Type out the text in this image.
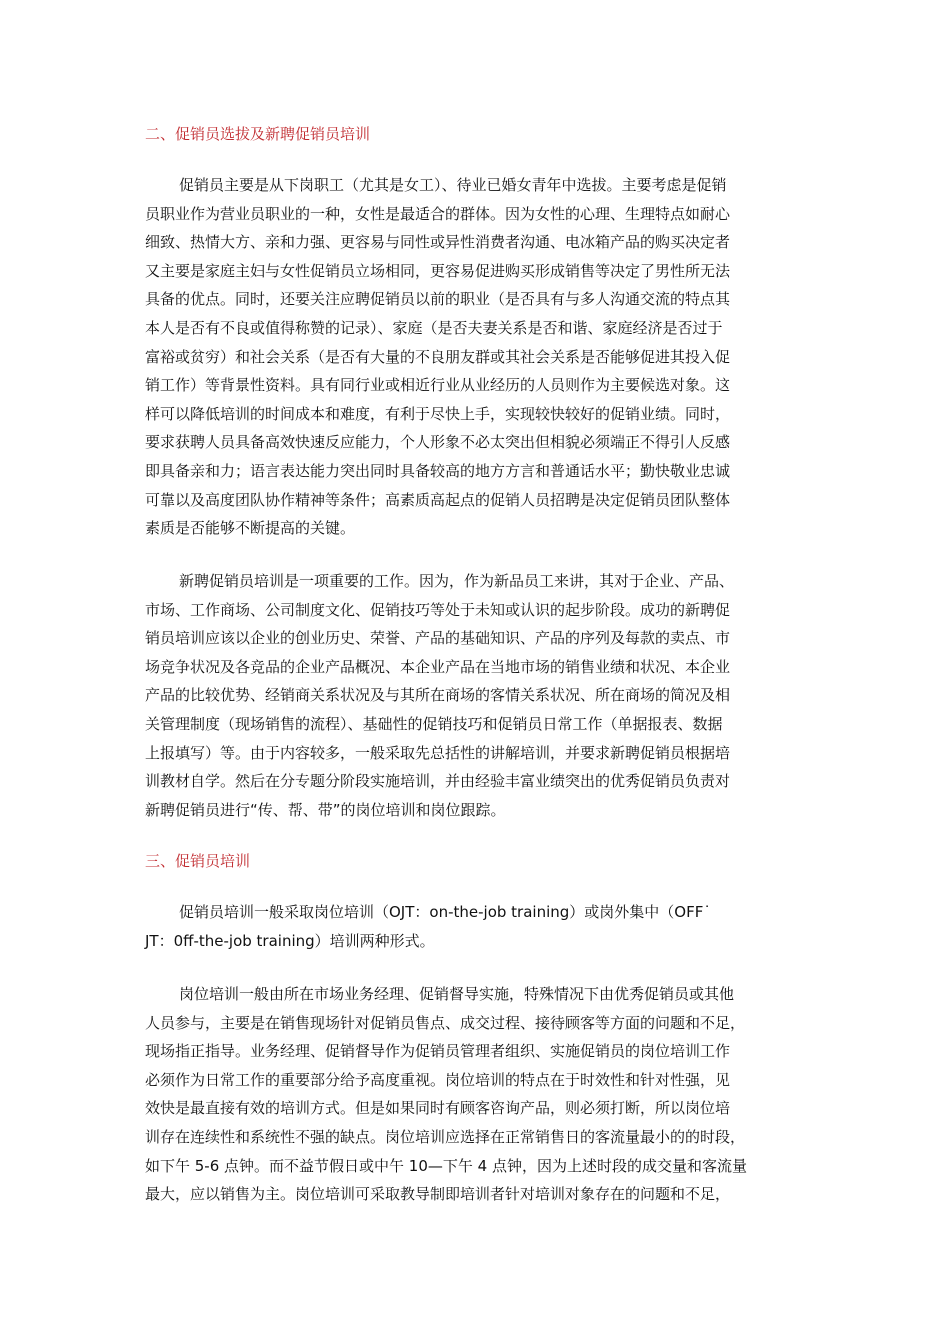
二、促销员选拔及新聘促销员培训
促销员主要是从下岗职工（尤其是女工）、待业已婚女青年中选拔。主要考虑是促销
员职业作为营业员职业的一种，女性是最适合的群体。因为女性的心理、生理特点如耐心
细致、热情大方、亲和力强、更容易与同性或异性消费者沟通、电冰箱产品的购买决定者
又主要是家庭主妇与女性促销员立场相同，更容易促进购买形成销售等决定了男性所无法
具备的优点。同时，还要关注应聘促销员以前的职业（是否具有与多人沟通交流的特点其
本人是否有不良或值得称赞的记录）、家庭（是否夫妻关系是否和谐、家庭经济是否过于
富裕或贫穷）和社会关系（是否有大量的不良朋友群或其社会关系是否能够促进其投入促
销工作）等背景性资料。具有同行业或相近行业从业经历的人员则作为主要候选对象。这
样可以降低培训的时间成本和难度，有利于尽快上手，实现较快较好的促销业绩。同时，
要求获聘人员具备高效快速反应能力，个人形象不必太突出但相貌必须端正不得引人反感
即具备亲和力；语言表达能力突出同时具备较高的地方方言和普通话水平；勤快敬业忠诚
可靠以及高度团队协作精神等条件；高素质高起点的促销人员招聘是决定促销员团队整体
素质是否能够不断提高的关键。
新聘促销员培训是一项重要的工作。因为，作为新品员工来讲，其对于企业、产品、
市场、工作商场、公司制度文化、促销技巧等处于未知或认识的起步阶段。成功的新聘促
销员培训应该以企业的创业历史、荣誉、产品的基础知识、产品的序列及每款的卖点、市
场竞争状况及各竞品的企业产品概况、本企业产品在当地市场的销售业绩和状况、本企业
产品的比较优势、经销商关系状况及与其所在商场的客情关系状况、所在商场的简况及相
关管理制度（现场销售的流程）、基础性的促销技巧和促销员日常工作（单据报表、数据
上报填写）等。由于内容较多，一般采取先总括性的讲解培训，并要求新聘促销员根据培
训教材自学。然后在分专题分阶段实施培训，并由经验丰富业绩突出的优秀促销员负责对
新聘促销员进行“传、帮、带”的岗位培训和岗位跟踪。
三、促销员培训
促销员培训一般采取岗位培训（OJT：on-the-job training）或岗外集中（OFF˙
JT：0ff-the-job training）培训两种形式。
岗位培训一般由所在市场业务经理、促销督导实施，特殊情况下由优秀促销员或其他
人员参与，主要是在销售现场针对促销员售点、成交过程、接待顾客等方面的问题和不足，
现场指正指导。业务经理、促销督导作为促销员管理者组织、实施促销员的岗位培训工作
必须作为日常工作的重要部分给予高度重视。岗位培训的特点在于时效性和针对性强，见
效快是最直接有效的培训方式。但是如果同时有顾客咨询产品，则必须打断，所以岗位培
训存在连续性和系统性不强的缺点。岗位培训应选择在正常销售日的客流量最小的的时段，
如下午 5-6 点钟。而不益节假日或中午 10—下午 4 点钟，因为上述时段的成交量和客流量
最大，应以销售为主。岗位培训可采取教导制即培训者针对培训对象存在的问题和不足，
